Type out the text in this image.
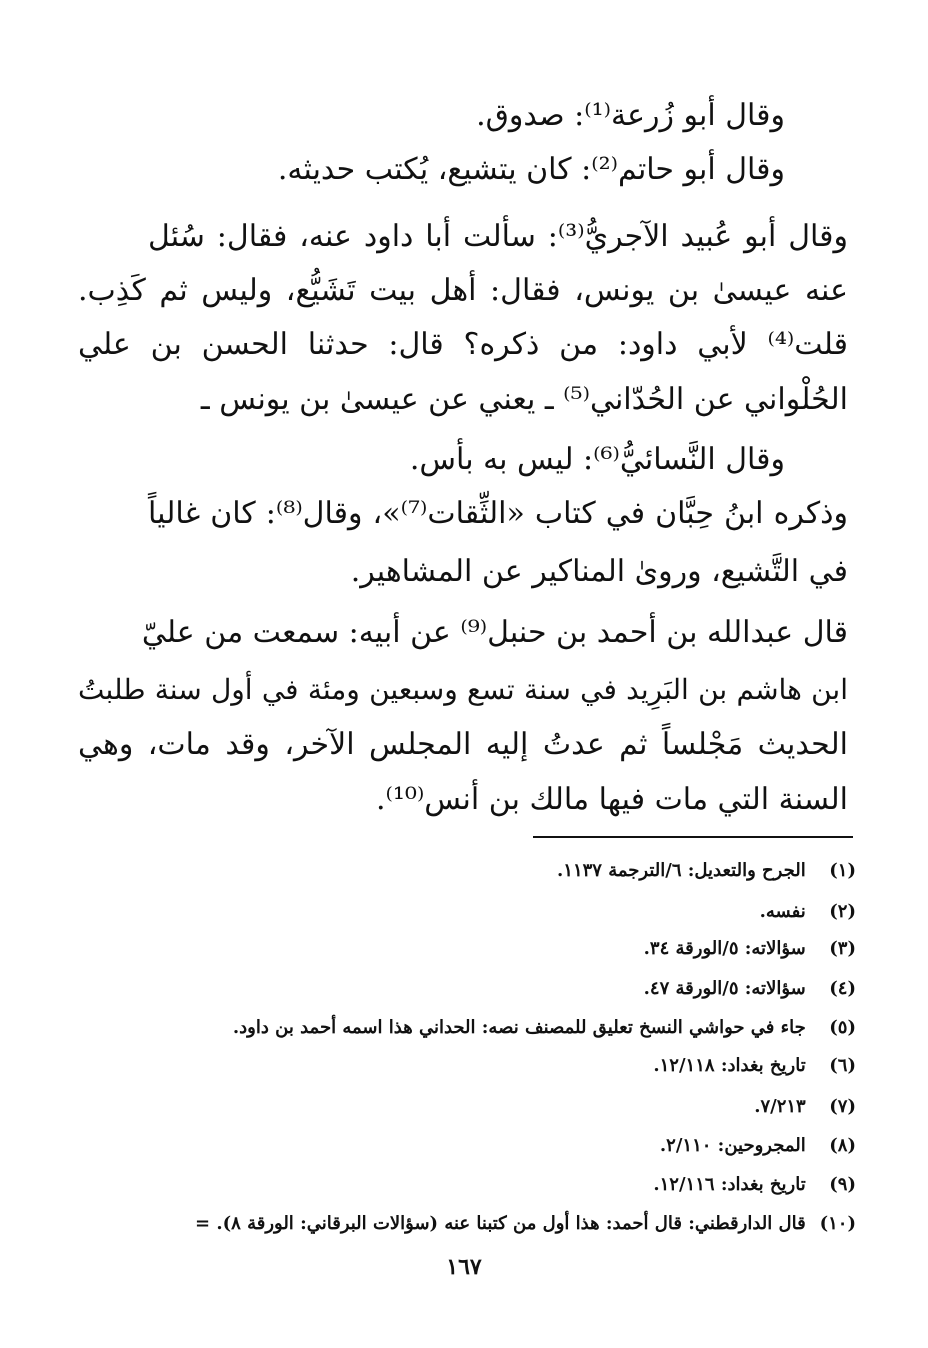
وقال أبو زُرعة⁽¹⁾: صدوق.
وقال أبو حاتم⁽²⁾: كان يتشيع، يُكتب حديثه.
وقال أبو عُبيد الآجريُّ⁽³⁾: سألت أبا داود عنه، فقال: سُئل
عنه عيسىٰ بن يونس، فقال: أهل بيت تَشَيُّع، وليس ثم كَذِب.
قلت⁽⁴⁾ لأبي داود: من ذكره؟ قال: حدثنا الحسن بن علي
الحُلْواني عن الحُدّاني⁽⁵⁾ ـ يعني عن عيسىٰ بن يونس ـ
وقال النَّسائيُّ⁽⁶⁾: ليس به بأس.
وذكره ابنُ حِبَّان في كتاب «الثِّقات⁽⁷⁾»، وقال⁽⁸⁾: كان غالياً
في التَّشيع، وروىٰ المناكير عن المشاهير.
قال عبدالله بن أحمد بن حنبل⁽⁹⁾ عن أبيه: سمعت من عليّ
ابن هاشم بن البَرِيد في سنة تسع وسبعين ومئة في أول سنة طلبتُ
الحديث مَجْلساً ثم عدتُ إليه المجلس الآخر، وقد مات، وهي
السنة التي مات فيها مالك بن أنس⁽¹⁰⁾.
(١) الجرح والتعديل: ٦/الترجمة ١١٣٧.
(٢) نفسه.
(٣) سؤالاته: ٥/الورقة ٣٤.
(٤) سؤالاته: ٥/الورقة ٤٧.
(٥) جاء في حواشي النسخ تعليق للمصنف نصه: الحداني هذا اسمه أحمد بن داود.
(٦) تاريخ بغداد: ١٢/١١٨.
(٧) ٧/٢١٣.
(٨) المجروحين: ٢/١١٠.
(٩) تاريخ بغداد: ١٢/١١٦.
(١٠) قال الدارقطني: قال أحمد: هذا أول من كتبنا عنه (سؤالات البرقاني: الورقة ٨). =
١٦٧
